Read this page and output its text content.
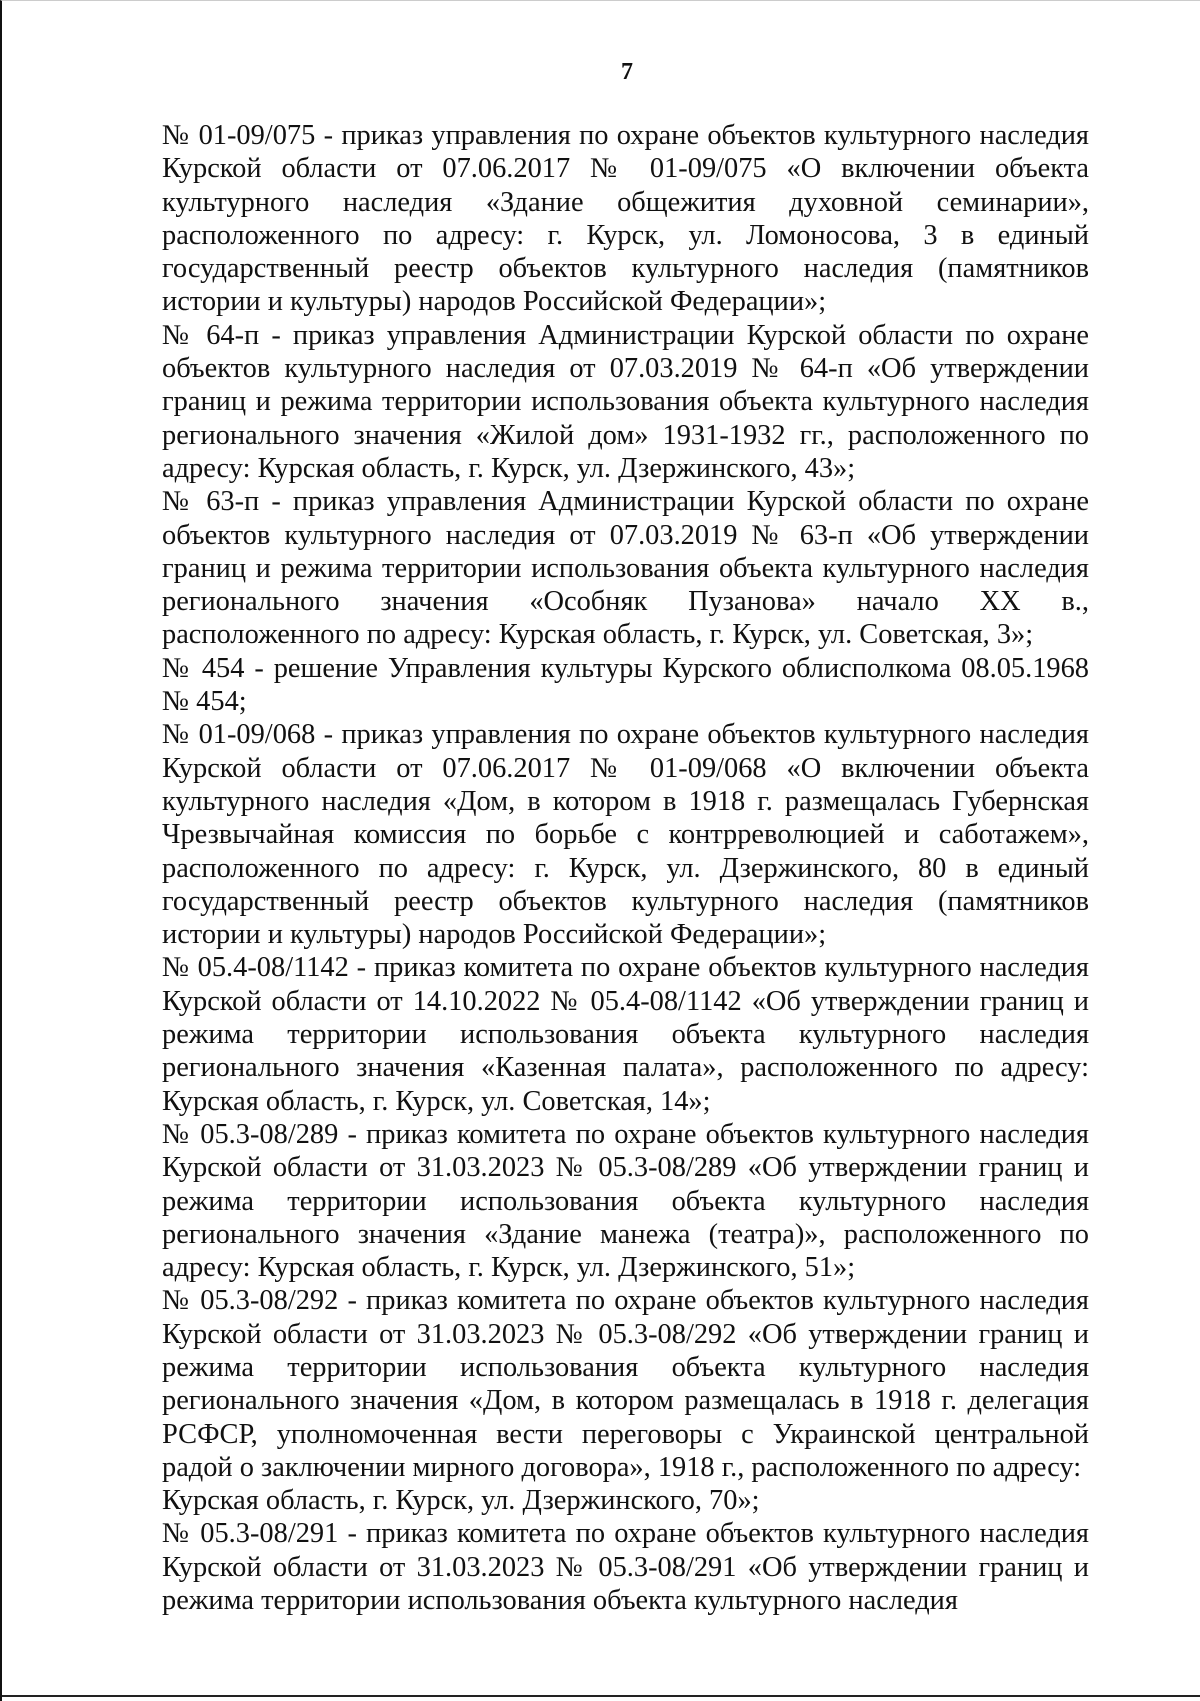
7

№ 01-09/075 - приказ управления по охране объектов культурного наследия Курской области от 07.06.2017 № 01-09/075 «О включении объекта культурного наследия «Здание общежития духовной семинарии», расположенного по адресу: г. Курск, ул. Ломоносова, 3 в единый государственный реестр объектов культурного наследия (памятников истории и культуры) народов Российской Федерации»;

№ 64-п - приказ управления Администрации Курской области по охране объектов культурного наследия от 07.03.2019 № 64-п «Об утверждении границ и режима территории использования объекта культурного наследия регионального значения «Жилой дом» 1931-1932 гг., расположенного по адресу: Курская область, г. Курск, ул. Дзержинского, 43»;

№ 63-п - приказ управления Администрации Курской области по охране объектов культурного наследия от 07.03.2019 № 63-п «Об утверждении границ и режима территории использования объекта культурного наследия регионального значения «Особняк Пузанова» начало XX в., расположенного по адресу: Курская область, г. Курск, ул. Советская, 3»;

№ 454 - решение Управления культуры Курского облисполкома 08.05.1968 № 454;

№ 01-09/068 - приказ управления по охране объектов культурного наследия Курской области от 07.06.2017 № 01-09/068 «О включении объекта культурного наследия «Дом, в котором в 1918 г. размещалась Губернская Чрезвычайная комиссия по борьбе с контрреволюцией и саботажем», расположенного по адресу: г. Курск, ул. Дзержинского, 80 в единый государственный реестр объектов культурного наследия (памятников истории и культуры) народов Российской Федерации»;

№ 05.4-08/1142 - приказ комитета по охране объектов культурного наследия Курской области от 14.10.2022 № 05.4-08/1142 «Об утверждении границ и режима территории использования объекта культурного наследия регионального значения «Казенная палата», расположенного по адресу: Курская область, г. Курск, ул. Советская, 14»;

№ 05.3-08/289 - приказ комитета по охране объектов культурного наследия Курской области от 31.03.2023 № 05.3-08/289 «Об утверждении границ и режима территории использования объекта культурного наследия регионального значения «Здание манежа (театра)», расположенного по адресу: Курская область, г. Курск, ул. Дзержинского, 51»;

№ 05.3-08/292 - приказ комитета по охране объектов культурного наследия Курской области от 31.03.2023 № 05.3-08/292 «Об утверждении границ и режима территории использования объекта культурного наследия регионального значения «Дом, в котором размещалась в 1918 г. делегация РСФСР, уполномоченная вести переговоры с Украинской центральной радой о заключении мирного договора», 1918 г., расположенного по адресу:

Курская область, г. Курск, ул. Дзержинского, 70»;

№ 05.3-08/291 - приказ комитета по охране объектов культурного наследия Курской области от 31.03.2023 № 05.3-08/291 «Об утверждении границ и режима территории использования объекта культурного наследия
